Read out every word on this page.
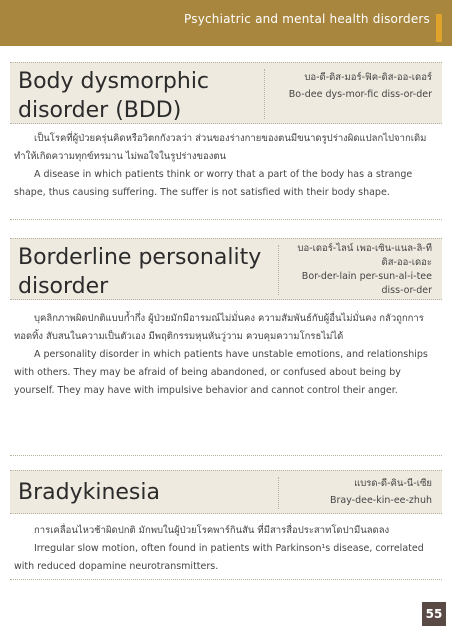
Psychiatric and mental health disorders
Body dysmorphic
disorder (BDD)
บอ-ดี-ดิส-มอร์-ฟิค-ดิส-ออ-เดอร์
Bo-dee dys-mor-fic diss-or-der

เป็นโรคที่ผู้ป่วยครุ่นคิดหรือวิตกกังวลว่า ส่วนของร่างกายของตนมีขนาดรูปร่างผิดแปลกไปจากเดิม ทำให้เกิดความทุกข์ทรมาน ไม่พอใจในรูปร่างของตน

A disease in which patients think or worry that a part of the body has a strange shape, thus causing suffering. The suffer is not satisfied with their body shape.

Borderline personality
disorder
บอ-เดอร์-ไลน์ เพอ-เซิน-แนล-ลิ-ที
ดิส-ออ-เดอะ
Bor-der-lain per-sun-al-i-tee
diss-or-der

บุคลิกภาพผิดปกติแบบก้ำกึ่ง ผู้ป่วยมักมีอารมณ์ไม่มั่นคง ความสัมพันธ์กับผู้อื่นไม่มั่นคง กลัวถูกการทอดทิ้ง สับสนในความเป็นตัวเอง มีพฤติกรรมหุนหันวู่วาม ควบคุมความโกรธไม่ได้

A personality disorder in which patients have unstable emotions, and relationships with others. They may be afraid of being abandoned, or confused about being by yourself. They may have with impulsive behavior and cannot control their anger.

Bradykinesia	แบรด-ดี-คิน-นี-เซีย
Bray-dee-kin-ee-zhuh

การเคลื่อนไหวช้าผิดปกติ มักพบในผู้ป่วยโรคพาร์กินสัน ที่มีสารสื่อประสาทโดปามีนลดลง

Irregular slow motion, often found in patients with Parkinson¹s disease, correlated with reduced dopamine neurotransmitters.

55
